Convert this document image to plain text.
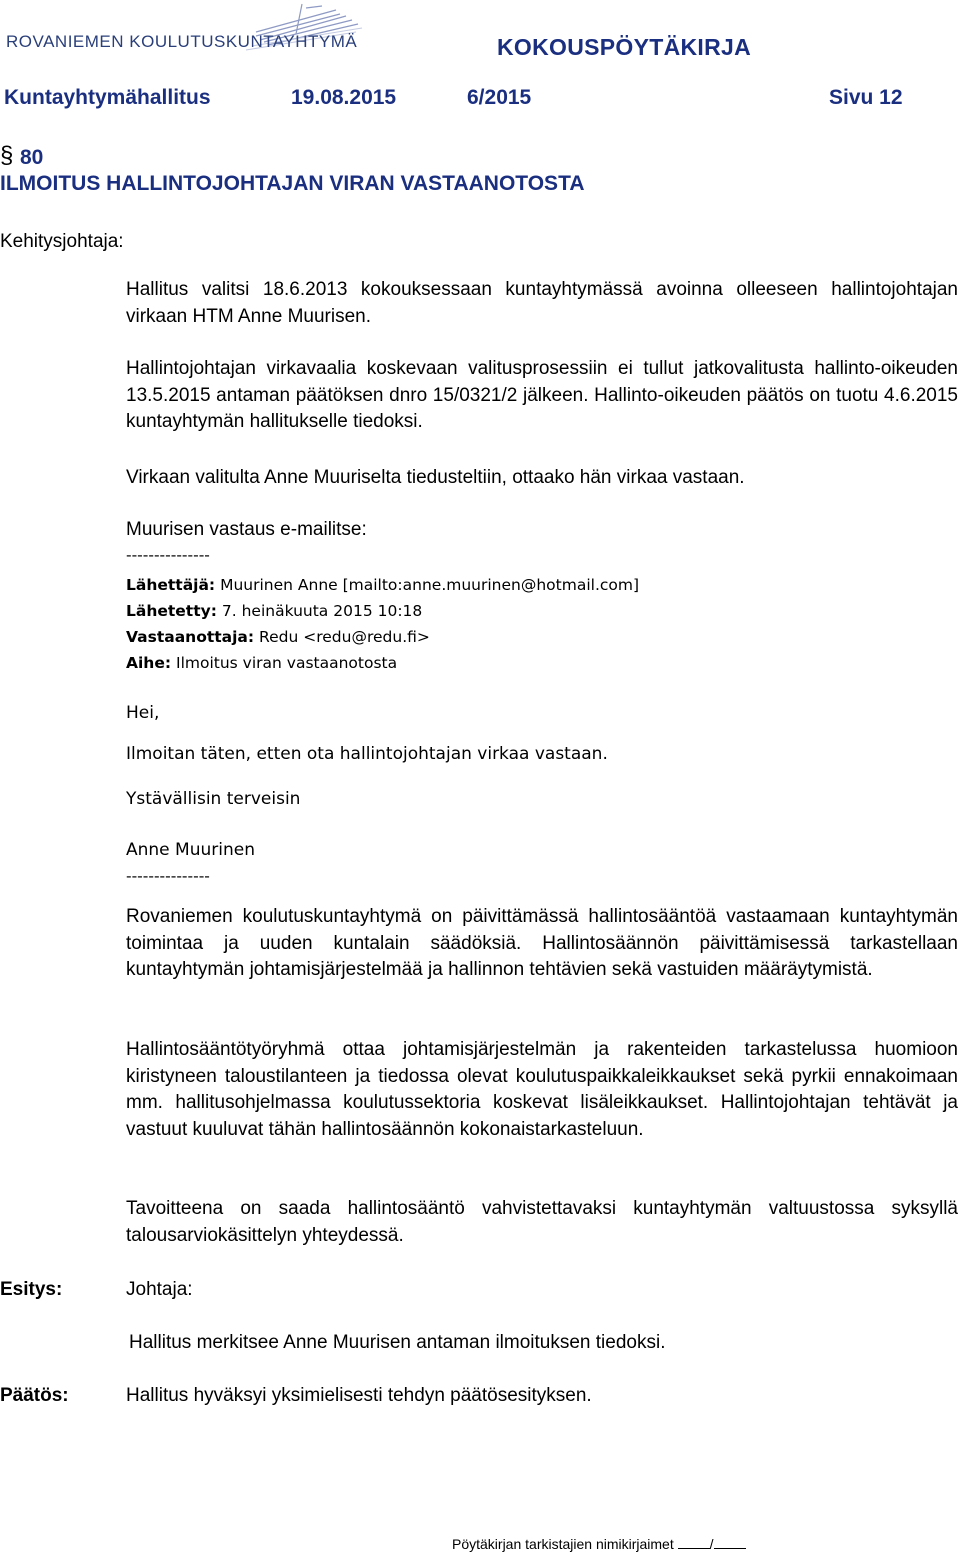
ROVANIEMEN KOULUTUSKUNTAYHTYMÄ	KOKOUSPÖYTÄKIRJA
Kuntayhtymähallitus	19.08.2015	6/2015	Sivu 12
§ 80
ILMOITUS HALLINTOJOHTAJAN VIRAN VASTAANOTOSTA
Kehitysjohtaja:

Hallitus valitsi 18.6.2013 kokouksessaan kuntayhtymässä avoinna olleeseen hallintojohtajan virkaan HTM Anne Muurisen.

Hallintojohtajan virkavaalia koskevaan valitusprosessiin ei tullut jatkovalitusta hallinto-oikeuden 13.5.2015 antaman päätöksen dnro 15/0321/2 jälkeen. Hallinto-oikeuden päätös on tuotu 4.6.2015 kuntayhtymän hallitukselle tiedoksi.

Virkaan valitulta Anne Muuriselta tiedusteltiin, ottaako hän virkaa vastaan.

Muurisen vastaus e-mailitse:

---------------
Lähettäjä: Muurinen Anne [mailto:anne.muurinen@hotmail.com]
Lähetetty: 7. heinäkuuta 2015 10:18
Vastaanottaja: Redu <redu@redu.fi>
Aihe: Ilmoitus viran vastaanotosta
Hei,
Ilmoitan täten, etten ota hallintojohtajan virkaa vastaan.
Ystävällisin terveisin
Anne Muurinen
---------------

Rovaniemen koulutuskuntayhtymä on päivittämässä hallintosääntöä vastaamaan kuntayhtymän toimintaa ja uuden kuntalain säädöksiä. Hallintosäännön päivittämisessä tarkastellaan kuntayhtymän johtamisjärjestelmää ja hallinnon tehtävien sekä vastuiden määräytymistä.

Hallintosääntötyöryhmä ottaa johtamisjärjestelmän ja rakenteiden tarkastelussa huomioon kiristyneen taloustilanteen ja tiedossa olevat koulutuspaikkaleikkaukset sekä pyrkii ennakoimaan mm. hallitusohjelmassa koulutussektoria koskevat lisäleikkaukset. Hallintojohtajan tehtävät ja vastuut kuuluvat tähän hallintosäännön kokonaistarkasteluun.

Tavoitteena on saada hallintosääntö vahvistettavaksi kuntayhtymän valtuustossa syksyllä talousarviokäsittelyn yhteydessä.

Esitys:	Johtaja:
Hallitus merkitsee Anne Muurisen antaman ilmoituksen tiedoksi.
Päätös:	Hallitus hyväksyi yksimielisesti tehdyn päätösesityksen.
Pöytäkirjan tarkistajien nimikirjaimet	/
